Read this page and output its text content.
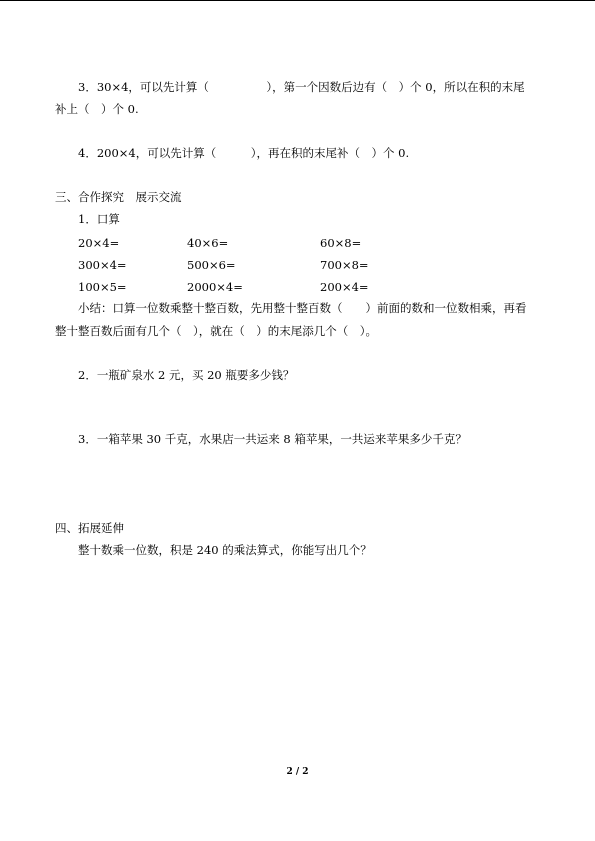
3．30×4，可以先计算（　　　　　），第一个因数后边有（　）个 0，所以在积的末尾
补上（　）个 0.
4．200×4，可以先计算（　　　），再在积的末尾补（　）个 0.
三、合作探究　展示交流
1．口算
20×4=	40×6=	60×8=
300×4=	500×6=	700×8=
100×5=	2000×4=	200×4=
小结：口算一位数乘整十整百数，先用整十整百数（　　）前面的数和一位数相乘，再看
整十整百数后面有几个（　），就在（　）的末尾添几个（　）。
2．一瓶矿泉水 2 元，买 20 瓶要多少钱？
3．一箱苹果 30 千克，水果店一共运来 8 箱苹果，一共运来苹果多少千克？
四、拓展延伸
整十数乘一位数，积是 240 的乘法算式，你能写出几个？
2 / 2
